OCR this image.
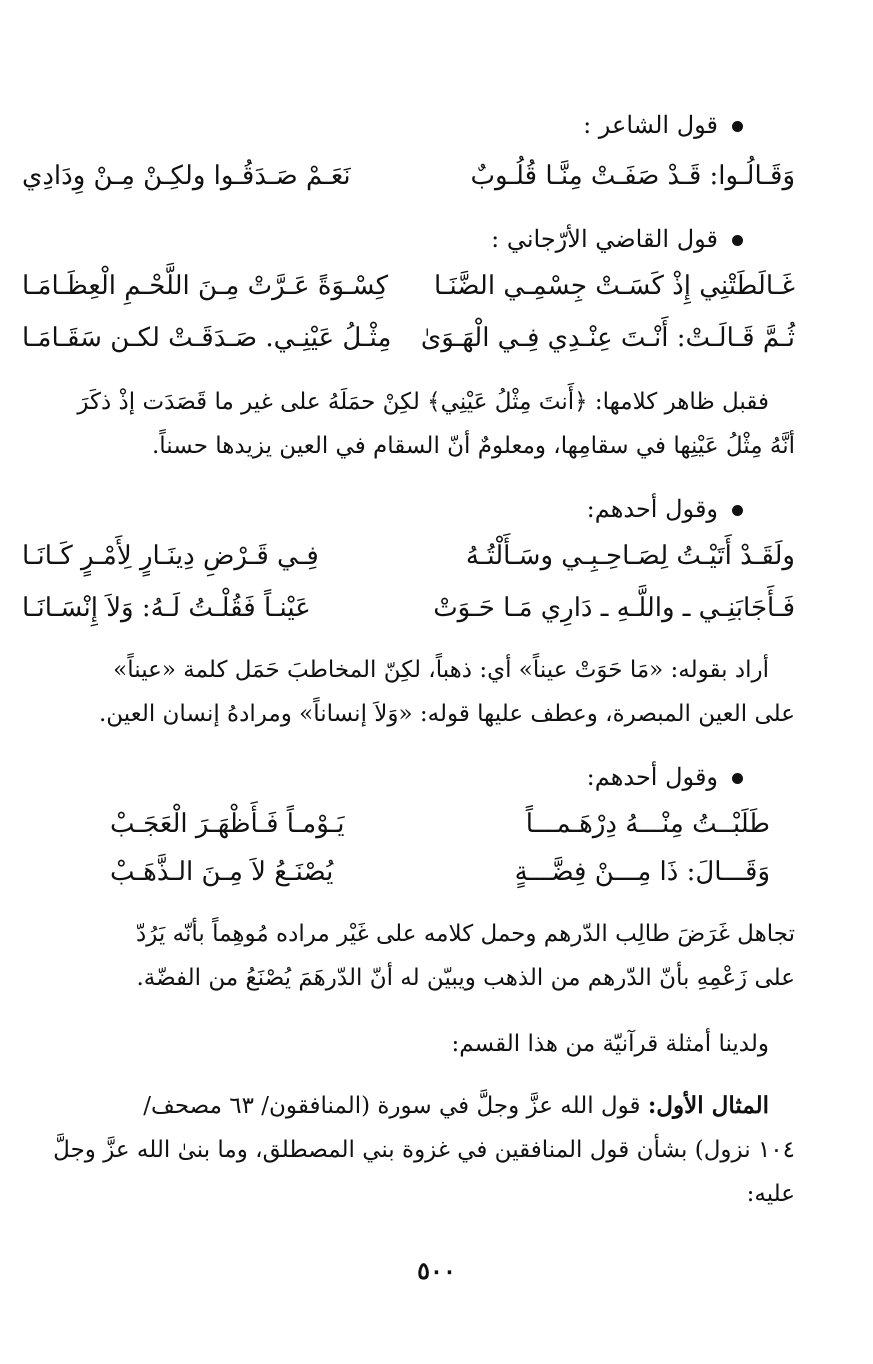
قول الشاعر :
وَقَـالُـوا: قَـدْ صَفَـتْ مِنَّـا قُلُـوبٌ
نَعَـمْ صَـدَقُـوا ولكِـنْ مِـنْ وِدَادِي
قول القاضي الأرّجاني :
غَـالَطَتْنِي إِذْ كَسَـتْ جِسْمِـي الضَّنَـا
كِسْـوَةً عَـرَّتْ مِـنَ اللَّحْـمِ الْعِظَـامَـا
ثُـمَّ قَـالَـتْ: أَنْـتَ عِنْـدِي فِـي الْهَـوَىٰ
مِثْـلُ عَيْنِـي. صَـدَقَـتْ لكـن سَقَـامَـا
فقبل ظاهر كلامها: ﴿أَنتَ مِثْلُ عَيْنِي﴾ لكِنْ حمَلَهُ على غير ما قَصَدَت إذْ ذكَرَ
أنَّهُ مِثْلُ عَيْنِها في سقامِها، ومعلومٌ أنّ السقام في العين يزيدها حسناً.
وقول أحدهم:
ولَقَـدْ أَتَيْـتُ لِصَـاحِـبِـي وسَـأَلْتُـهُ
فِـي قَـرْضِ دِينَـارٍ لِأَمْـرٍ كَـانَـا
فَـأَجَابَنِـي ـ واللَّـهِ ـ دَارِي مَـا حَـوَتْ
عَيْنـاً فَقُلْـتُ لَـهُ: وَلاَ إِنْسَـانَـا
أراد بقوله: «مَا حَوَتْ عيناً» أي: ذهباً، لكِنّ المخاطبَ حَمَل كلمة «عيناً»
على العين المبصرة، وعطف عليها قوله: «وَلاَ إنساناً» ومرادهُ إنسان العين.
وقول أحدهم:
طَلَبْــتُ مِنْـــهُ دِرْهَـمـــاً
يَـوْمـاً فَـأَظْهَـرَ الْعَجَـبْ
وَقَـــالَ: ذَا مِـــنْ فِضَّـــةٍ
يُصْنَـعُ لاَ مِـنَ الـذَّهَـبْ
تجاهل غَرَضَ طالِب الدّرهم وحمل كلامه على غَيْر مراده مُوهِماً بأنّه يَرُدّ
على زَعْمِهِ بأنّ الدّرهم من الذهب ويبيّن له أنّ الدّرهَمَ يُصْنَعُ من الفضّة.
ولدينا أمثلة قرآنيّة من هذا القسم:
المثال الأول: قول الله عزَّ وجلَّ في سورة (المنافقون/ ٦٣ مصحف/
١٠٤ نزول) بشأن قول المنافقين في غزوة بني المصطلق، وما بنىٰ الله عزَّ وجلَّ
عليه:
٥٠٠
